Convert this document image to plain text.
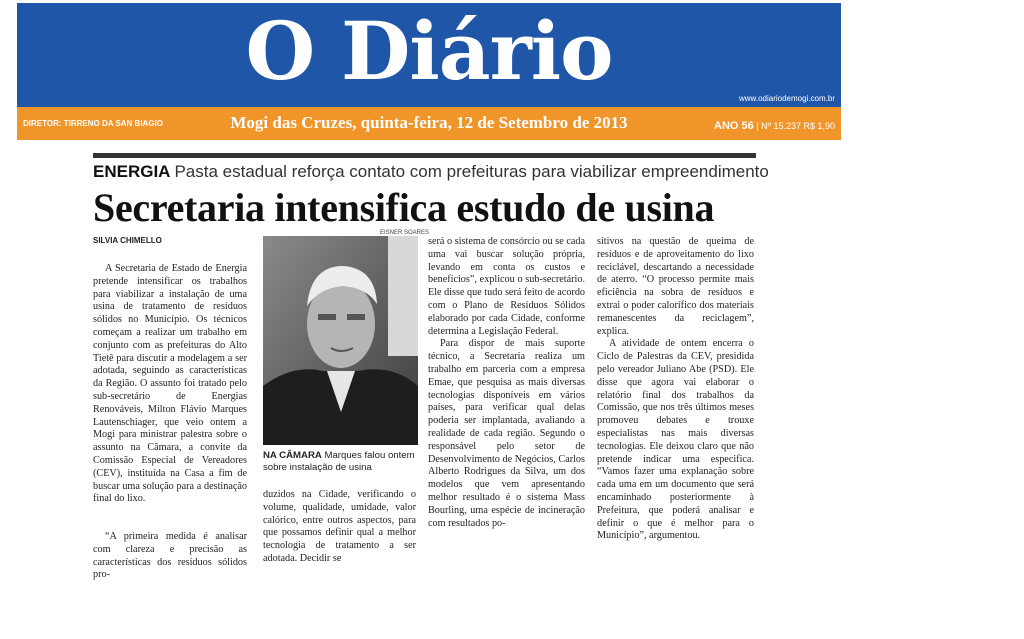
O Diário
www.odiariodemogi.com.br
DIRETOR: TIRRENO DA SAN BIAGIO	Mogi das Cruzes, quinta-feira, 12 de Setembro de 2013	ANO 56 | Nº 15.237 R$ 1,90
ENERGIA Pasta estadual reforça contato com prefeituras para viabilizar empreendimento
Secretaria intensifica estudo de usina
SILVIA CHIMELLO
EISNER SOARES
NA CÂMARA Marques falou ontem sobre instalação de usina

A Secretaria de Estado de Energia pretende intensificar os trabalhos para viabilizar a instalação de uma usina de tratamento de resíduos sólidos no Município. Os técnicos começam a realizar um trabalho em conjunto com as prefeituras do Alto Tietê para discutir a modelagem a ser adotada, seguindo as características da Região. O assunto foi tratado pelo sub-secretário de Energias Renováveis, Milton Flávio Marques Lautenschiager, que veio ontem a Mogi para ministrar palestra sobre o assunto na Câmara, a convite da Comissão Especial de Vereadores (CEV), instituída na Casa a fim de buscar uma solução para a destinação final do lixo.

“A primeira medida é analisar com clareza e precisão as características dos resíduos sólidos pro-

duzidos na Cidade, verificando o volume, qualidade, umidade, valor calórico, entre outros aspectos, para que possamos definir qual a melhor tecnologia de tratamento a ser adotada. Decidir se

será o sistema de consórcio ou se cada uma vai buscar solução própria, levando em conta os custos e benefícios”, explicou o sub-secretário. Ele disse que tudo será feito de acordo com o Plano de Resíduos Sólidos elaborado por cada Cidade, conforme determina a Legislação Federal.

Para dispor de mais suporte técnico, a Secretaria realiza um trabalho em parceria com a empresa Emae, que pesquisa as mais diversas tecnologias disponíveis em vários países, para verificar qual delas poderia ser implantada, avaliando a realidade de cada região. Segundo o responsável pelo setor de Desenvolvimento de Negócios, Carlos Alberto Rodrigues da Silva, um dos modelos que vem apresentando melhor resultado é o sistema Mass Bourling, uma espécie de incineração com resultados po-

sitivos na questão de queima de resíduos e de aproveitamento do lixo reciclável, descartando a necessidade de aterro. “O processo permite mais eficiência na sobra de resíduos e extrai o poder calorífico dos materiais remanescentes da reciclagem”, explica.

A atividade de ontem encerra o Ciclo de Palestras da CEV, presidida pelo vereador Juliano Abe (PSD). Ele disse que agora vai elaborar o relatório final dos trabalhos da Comissão, que nos três últimos meses promoveu debates e trouxe especialistas nas mais diversas tecnologias. Ele deixou claro que não pretende indicar uma especifica. “Vamos fazer uma explanação sobre cada uma em um documento que será encaminhado posteriormente à Prefeitura, que poderá analisar e definir o que é melhor para o Município”, argumentou.
